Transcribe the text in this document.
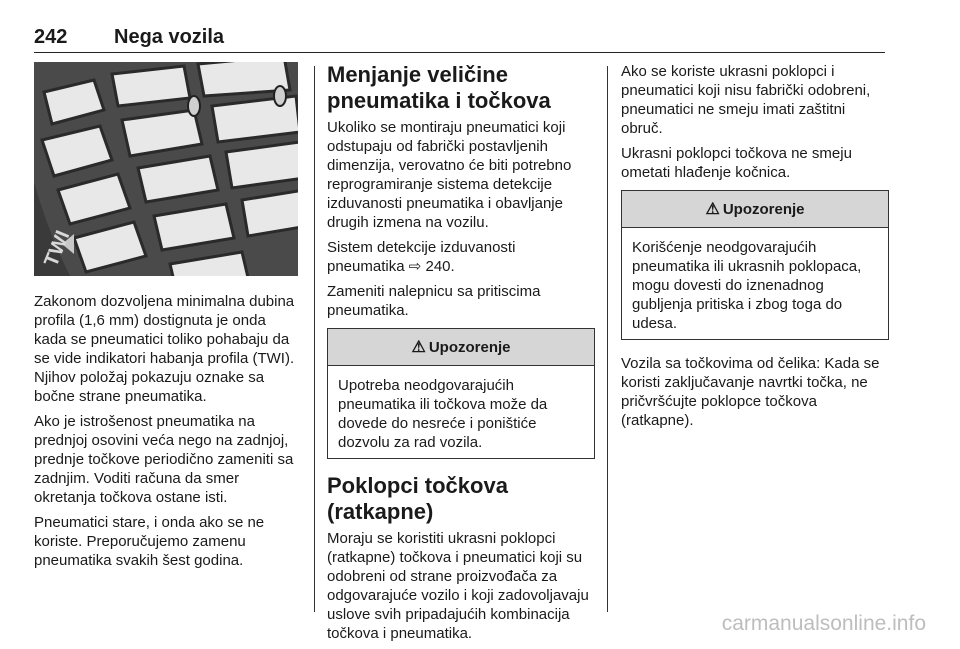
242 Nega vozila
TWI

Zakonom dozvoljena minimalna dubina profila (1,6 mm) dostignuta je onda kada se pneumatici toliko pohabaju da se vide indikatori habanja profila (TWI). Njihov položaj pokazuju oznake sa bočne strane pneumatika.

Ako je istrošenost pneumatika na prednjoj osovini veća nego na zadnjoj, prednje točkove periodično zameniti sa zadnjim. Voditi računa da smer okretanja točkova ostane isti.

Pneumatici stare, i onda ako se ne koriste. Preporučujemo zamenu pneumatika svakih šest godina.

Menjanje veličine pneumatika i točkova

Ukoliko se montiraju pneumatici koji odstupaju od fabrički postavljenih dimenzija, verovatno će biti potrebno reprogramiranje sistema detekcije izduvanosti pneumatika i obavljanje drugih izmena na vozilu.

Sistem detekcije izduvanosti pneumatika ⇨ 240.

Zameniti nalepnicu sa pritiscima pneumatika.

⚠ Upozorenje
Upotreba neodgovarajućih pneumatika ili točkova može da dovede do nesreće i poništiće dozvolu za rad vozila.
Poklopci točkova (ratkapne)

Moraju se koristiti ukrasni poklopci (ratkapne) točkova i pneumatici koji su odobreni od strane proizvođača za odgovarajuće vozilo i koji zadovoljavaju uslove svih pripadajućih kombinacija točkova i pneumatika.

Ako se koriste ukrasni poklopci i pneumatici koji nisu fabrički odobreni, pneumatici ne smeju imati zaštitni obruč.

Ukrasni poklopci točkova ne smeju ometati hlađenje kočnica.

⚠ Upozorenje
Korišćenje neodgovarajućih pneumatika ili ukrasnih poklopaca, mogu dovesti do iznenadnog gubljenja pritiska i zbog toga do udesa.

Vozila sa točkovima od čelika: Kada se koristi zaključavanje navrtki točka, ne pričvršćujte poklopce točkova (ratkapne).

carmanualsonline.info
